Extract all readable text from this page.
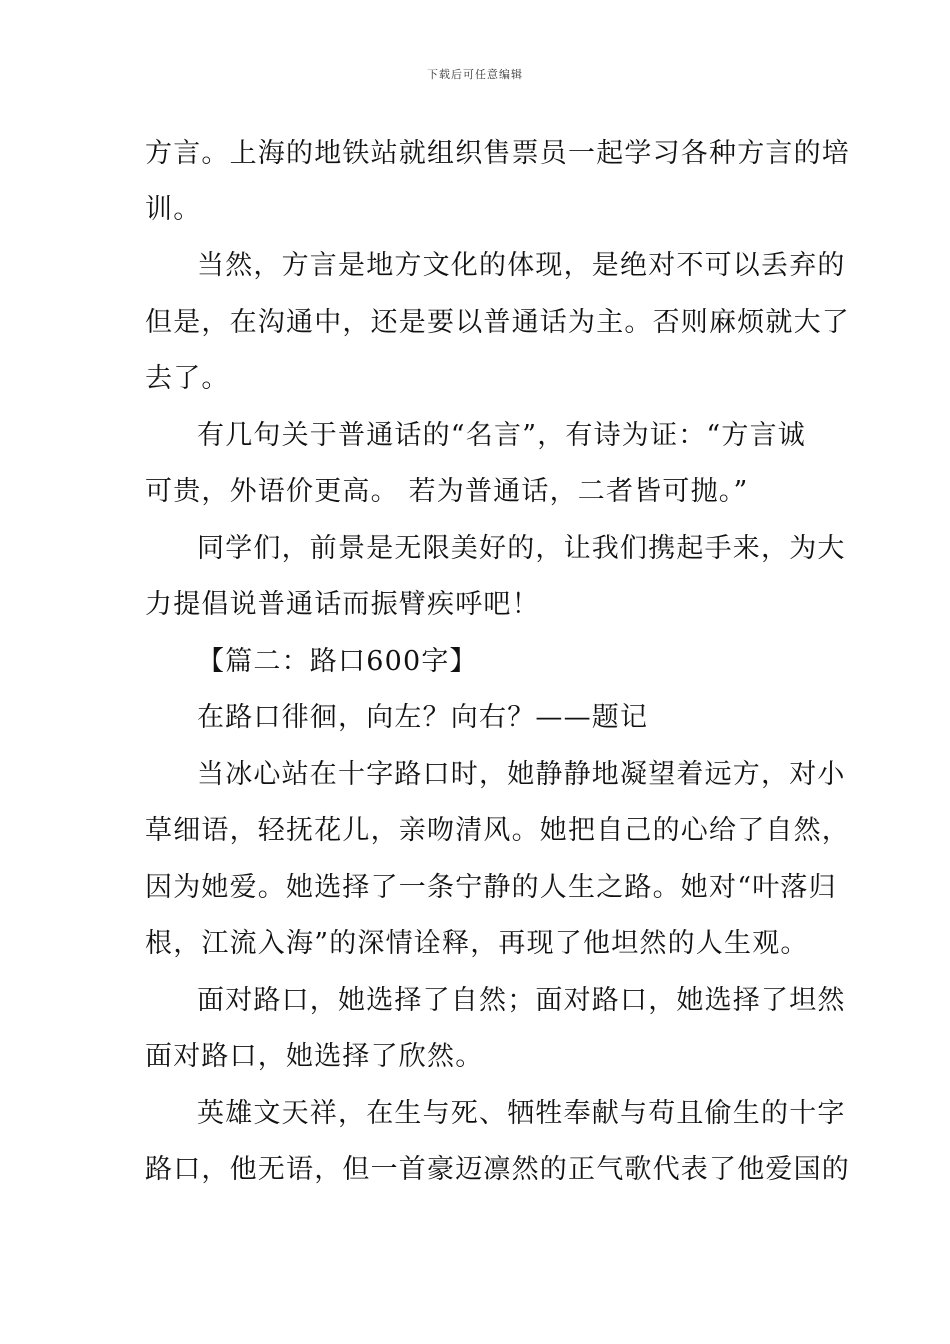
下载后可任意编辑
方言。上海的地铁站就组织售票员一起学习各种方言的培
训。
当然，方言是地方文化的体现，是绝对不可以丢弃的
但是，在沟通中，还是要以普通话为主。否则麻烦就大了
去了。
有几句关于普通话的“名言”，有诗为证：“方言诚
可贵，外语价更高。 若为普通话，二者皆可抛。”
同学们，前景是无限美好的，让我们携起手来，为大
力提倡说普通话而振臂疾呼吧！
【篇二：路口600字】
在路口徘徊，向左？向右？——题记
当冰心站在十字路口时，她静静地凝望着远方，对小
草细语，轻抚花儿，亲吻清风。她把自己的心给了自然，
因为她爱。她选择了一条宁静的人生之路。她对“叶落归
根，江流入海”的深情诠释，再现了他坦然的人生观。
面对路口，她选择了自然；面对路口，她选择了坦然
面对路口，她选择了欣然。
英雄文天祥，在生与死、牺牲奉献与苟且偷生的十字
路口，他无语，但一首豪迈凛然的正气歌代表了他爱国的
